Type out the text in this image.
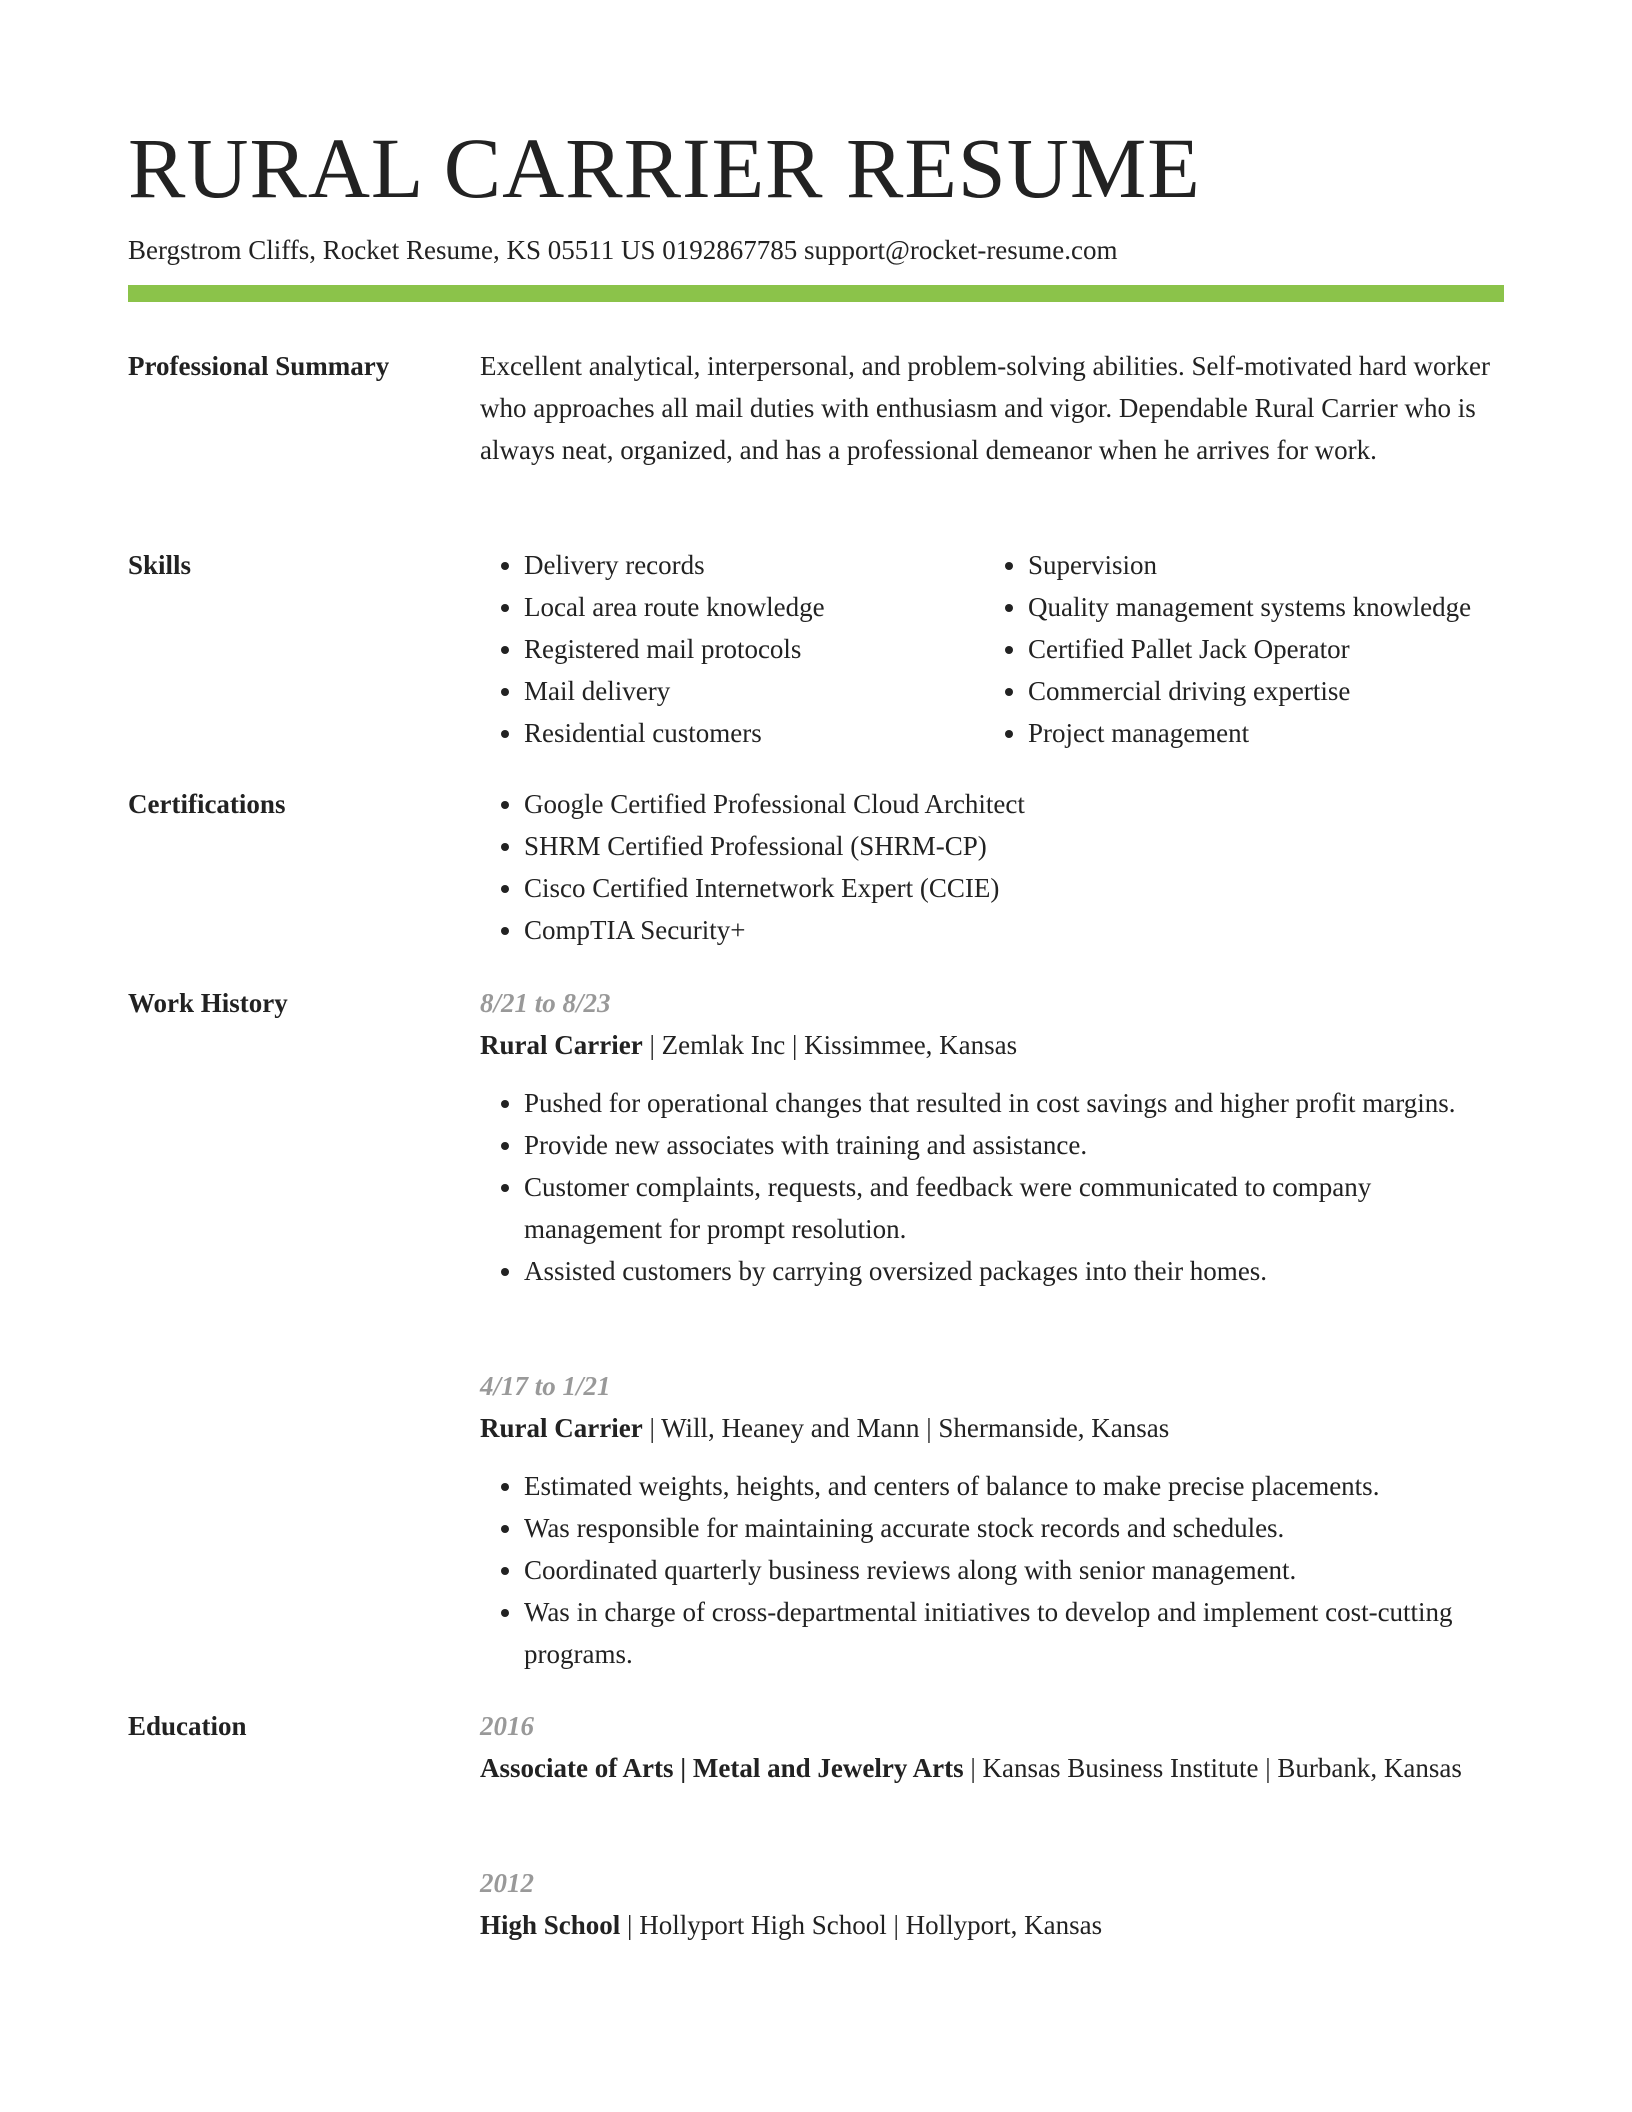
RURAL CARRIER RESUME
Bergstrom Cliffs, Rocket Resume, KS 05511 US 0192867785 support@rocket-resume.com
Professional Summary	Excellent analytical, interpersonal, and problem-solving abilities. Self-motivated hard worker who approaches all mail duties with enthusiasm and vigor. Dependable Rural Carrier who is always neat, organized, and has a professional demeanor when he arrives for work.

Skills	• Delivery records
• Local area route knowledge
• Registered mail protocols
• Mail delivery
• Residential customers
• Supervision
• Quality management systems knowledge
• Certified Pallet Jack Operator
• Commercial driving expertise
• Project management
Certifications	• Google Certified Professional Cloud Architect
• SHRM Certified Professional (SHRM-CP)
• Cisco Certified Internetwork Expert (CCIE)
• CompTIA Security+
Work History	8/21 to 8/23
Rural Carrier | Zemlak Inc | Kissimmee, Kansas
• Pushed for operational changes that resulted in cost savings and higher profit margins.
• Provide new associates with training and assistance.
• Customer complaints, requests, and feedback were communicated to company management for prompt resolution.
• Assisted customers by carrying oversized packages into their homes.
4/17 to 1/21
Rural Carrier | Will, Heaney and Mann | Shermanside, Kansas
• Estimated weights, heights, and centers of balance to make precise placements.
• Was responsible for maintaining accurate stock records and schedules.
• Coordinated quarterly business reviews along with senior management.
• Was in charge of cross-departmental initiatives to develop and implement cost-cutting programs.
Education	2016
Associate of Arts | Metal and Jewelry Arts | Kansas Business Institute | Burbank, Kansas
2012
High School | Hollyport High School | Hollyport, Kansas
